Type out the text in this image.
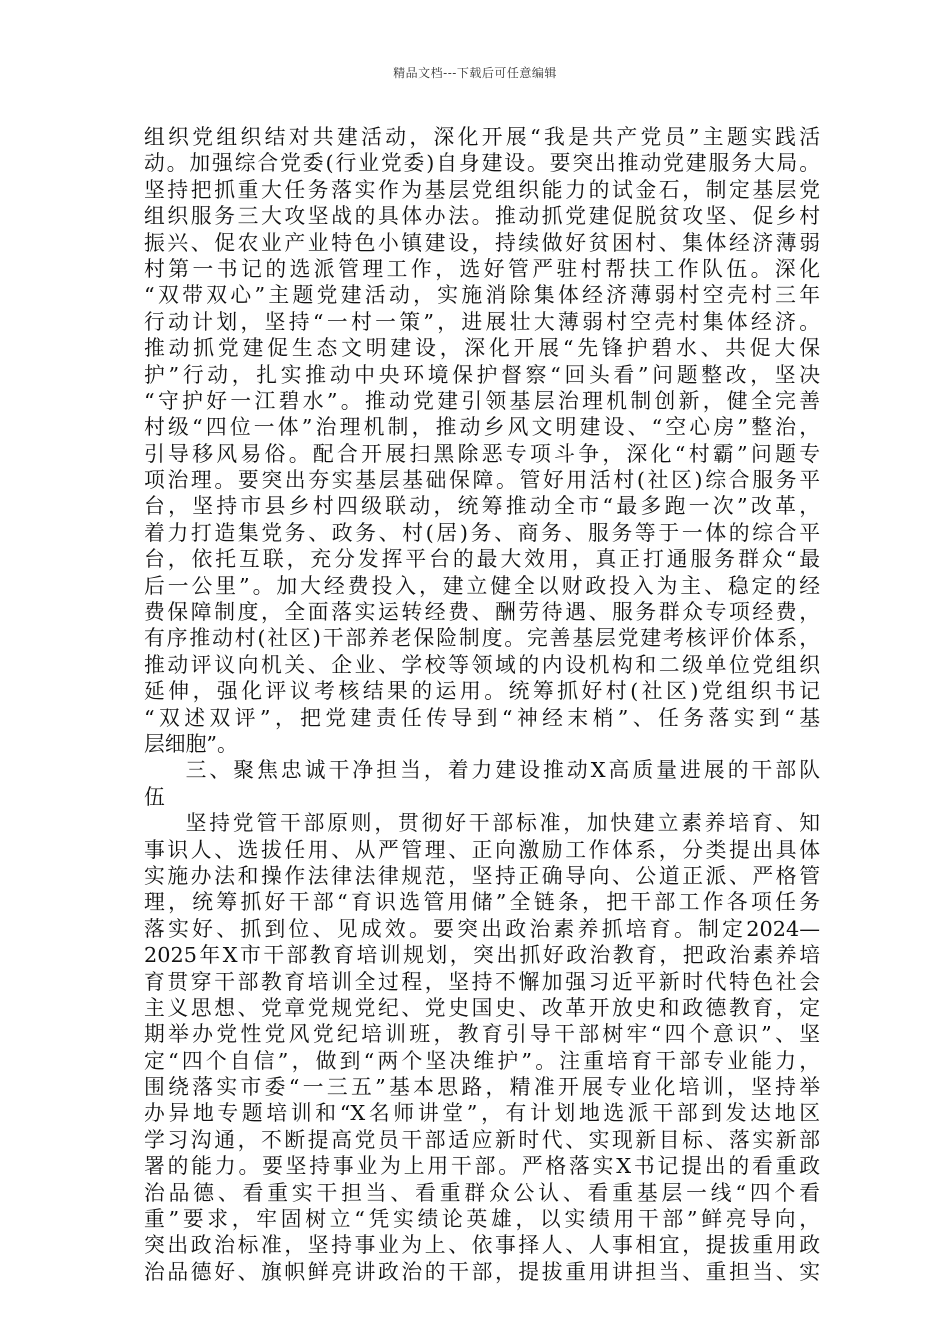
精品文档---下载后可任意编辑
组织党组织结对共建活动，深化开展“我是共产党员”主题实践活
动。加强综合党委(行业党委)自身建设。要突出推动党建服务大局。
坚持把抓重大任务落实作为基层党组织能力的试金石，制定基层党
组织服务三大攻坚战的具体办法。推动抓党建促脱贫攻坚、促乡村
振兴、促农业产业特色小镇建设，持续做好贫困村、集体经济薄弱
村第一书记的选派管理工作，选好管严驻村帮扶工作队伍。深化
“双带双心”主题党建活动，实施消除集体经济薄弱村空壳村三年
行动计划，坚持“一村一策”，进展壮大薄弱村空壳村集体经济。
推动抓党建促生态文明建设，深化开展“先锋护碧水、共促大保
护”行动，扎实推动中央环境保护督察“回头看”问题整改，坚决
“守护好一江碧水”。推动党建引领基层治理机制创新，健全完善
村级“四位一体”治理机制，推动乡风文明建设、“空心房”整治，
引导移风易俗。配合开展扫黑除恶专项斗争，深化“村霸”问题专
项治理。要突出夯实基层基础保障。管好用活村(社区)综合服务平
台，坚持市县乡村四级联动，统筹推动全市“最多跑一次”改革，
着力打造集党务、政务、村(居)务、商务、服务等于一体的综合平
台，依托互联，充分发挥平台的最大效用，真正打通服务群众“最
后一公里”。加大经费投入，建立健全以财政投入为主、稳定的经
费保障制度，全面落实运转经费、酬劳待遇、服务群众专项经费，
有序推动村(社区)干部养老保险制度。完善基层党建考核评价体系，
推动评议向机关、企业、学校等领域的内设机构和二级单位党组织
延伸，强化评议考核结果的运用。统筹抓好村(社区)党组织书记
“双述双评”，把党建责任传导到“神经末梢”、任务落实到“基
层细胞”。
三、聚焦忠诚干净担当，着力建设推动X高质量进展的干部队
伍
坚持党管干部原则，贯彻好干部标准，加快建立素养培育、知
事识人、选拔任用、从严管理、正向激励工作体系，分类提出具体
实施办法和操作法律法律规范，坚持正确导向、公道正派、严格管
理，统筹抓好干部“育识选管用储”全链条，把干部工作各项任务
落实好、抓到位、见成效。要突出政治素养抓培育。制定2024—
2025年X市干部教育培训规划，突出抓好政治教育，把政治素养培
育贯穿干部教育培训全过程，坚持不懈加强习近平新时代特色社会
主义思想、党章党规党纪、党史国史、改革开放史和政德教育，定
期举办党性党风党纪培训班，教育引导干部树牢“四个意识”、坚
定“四个自信”，做到“两个坚决维护”。注重培育干部专业能力，
围绕落实市委“一三五”基本思路，精准开展专业化培训，坚持举
办异地专题培训和“X名师讲堂”，有计划地选派干部到发达地区
学习沟通，不断提高党员干部适应新时代、实现新目标、落实新部
署的能力。要坚持事业为上用干部。严格落实X书记提出的看重政
治品德、看重实干担当、看重群众公认、看重基层一线“四个看
重”要求，牢固树立“凭实绩论英雄，以实绩用干部”鲜亮导向，
突出政治标准，坚持事业为上、依事择人、人事相宜，提拔重用政
治品德好、旗帜鲜亮讲政治的干部，提拔重用讲担当、重担当、实
